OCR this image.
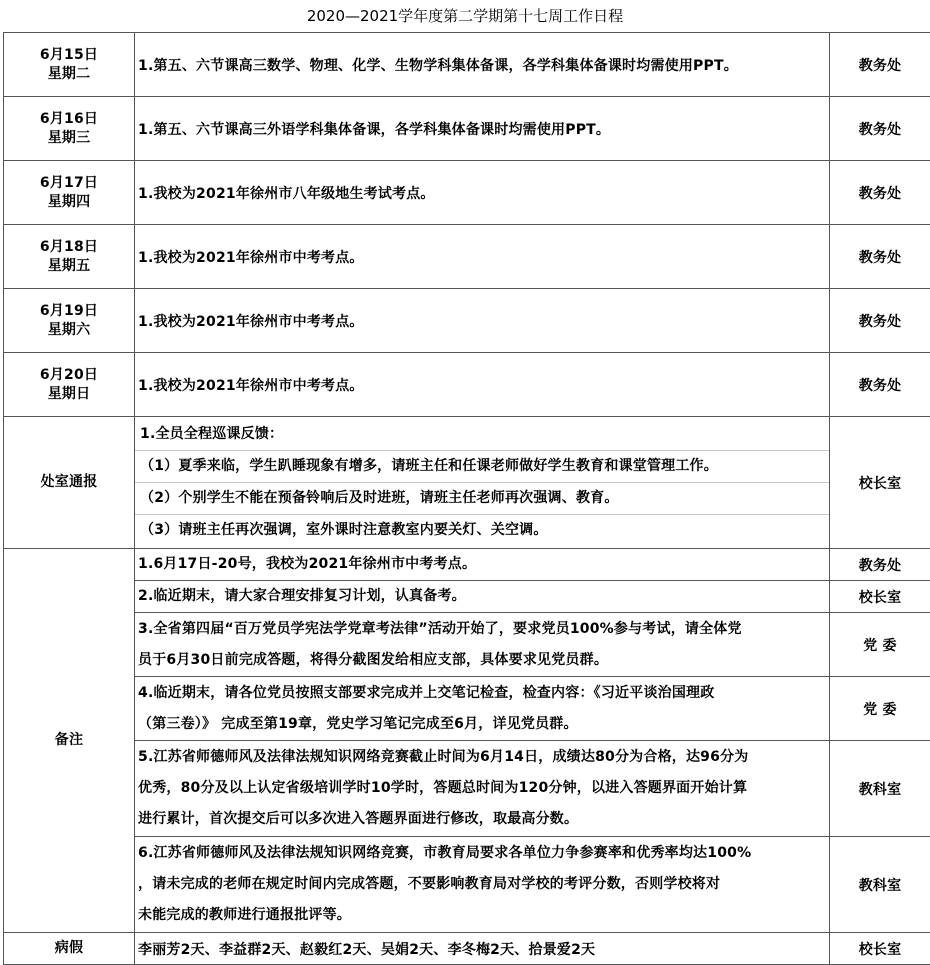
2020—2021学年度第二学期第十七周工作日程
6月15日
星期二	1.第五、六节课高三数学、物理、化学、生物学科集体备课，各学科集体备课时均需使用PPT。	教务处
6月16日
星期三	1.第五、六节课高三外语学科集体备课，各学科集体备课时均需使用PPT。	教务处
6月17日
星期四	1.我校为2021年徐州市八年级地生考试考点。	教务处
6月18日
星期五	1.我校为2021年徐州市中考考点。	教务处
6月19日
星期六	1.我校为2021年徐州市中考考点。	教务处
6月20日
星期日	1.我校为2021年徐州市中考考点。	教务处
处室通报	1.全员全程巡课反馈：
（1）夏季来临，学生趴睡现象有增多，请班主任和任课老师做好学生教育和课堂管理工作。
（2）个别学生不能在预备铃响后及时进班，请班主任老师再次强调、教育。
（3）请班主任再次强调，室外课时注意教室内要关灯、关空调。	校长室
备注	1.6月17日-20号，我校为2021年徐州市中考考点。	教务处

	2.临近期末，请大家合理安排复习计划，认真备考。	校长室

	3.全省第四届“百万党员学宪法学党章考法律”活动开始了，要求党员100%参与考试，请全体党
员于6月30日前完成答题，将得分截图发给相应支部，具体要求见党员群。	党 委

	4.临近期末，请各位党员按照支部要求完成并上交笔记检查，检查内容：《习近平谈治国理政
（第三卷）》 完成至第19章，党史学习笔记完成至6月，详见党员群。	党 委

	5.江苏省师德师风及法律法规知识网络竞赛截止时间为6月14日，成绩达80分为合格，达96分为
优秀，80分及以上认定省级培训学时10学时，答题总时间为120分钟，以进入答题界面开始计算
进行累计，首次提交后可以多次进入答题界面进行修改，取最高分数。	教科室

	6.江苏省师德师风及法律法规知识网络竞赛，市教育局要求各单位力争参赛率和优秀率均达100%
，请未完成的老师在规定时间内完成答题，不要影响教育局对学校的考评分数，否则学校将对
未能完成的教师进行通报批评等。	教科室
病假	李丽芳2天、李益群2天、赵毅红2天、吴娟2天、李冬梅2天、拾景爱2天	校长室
